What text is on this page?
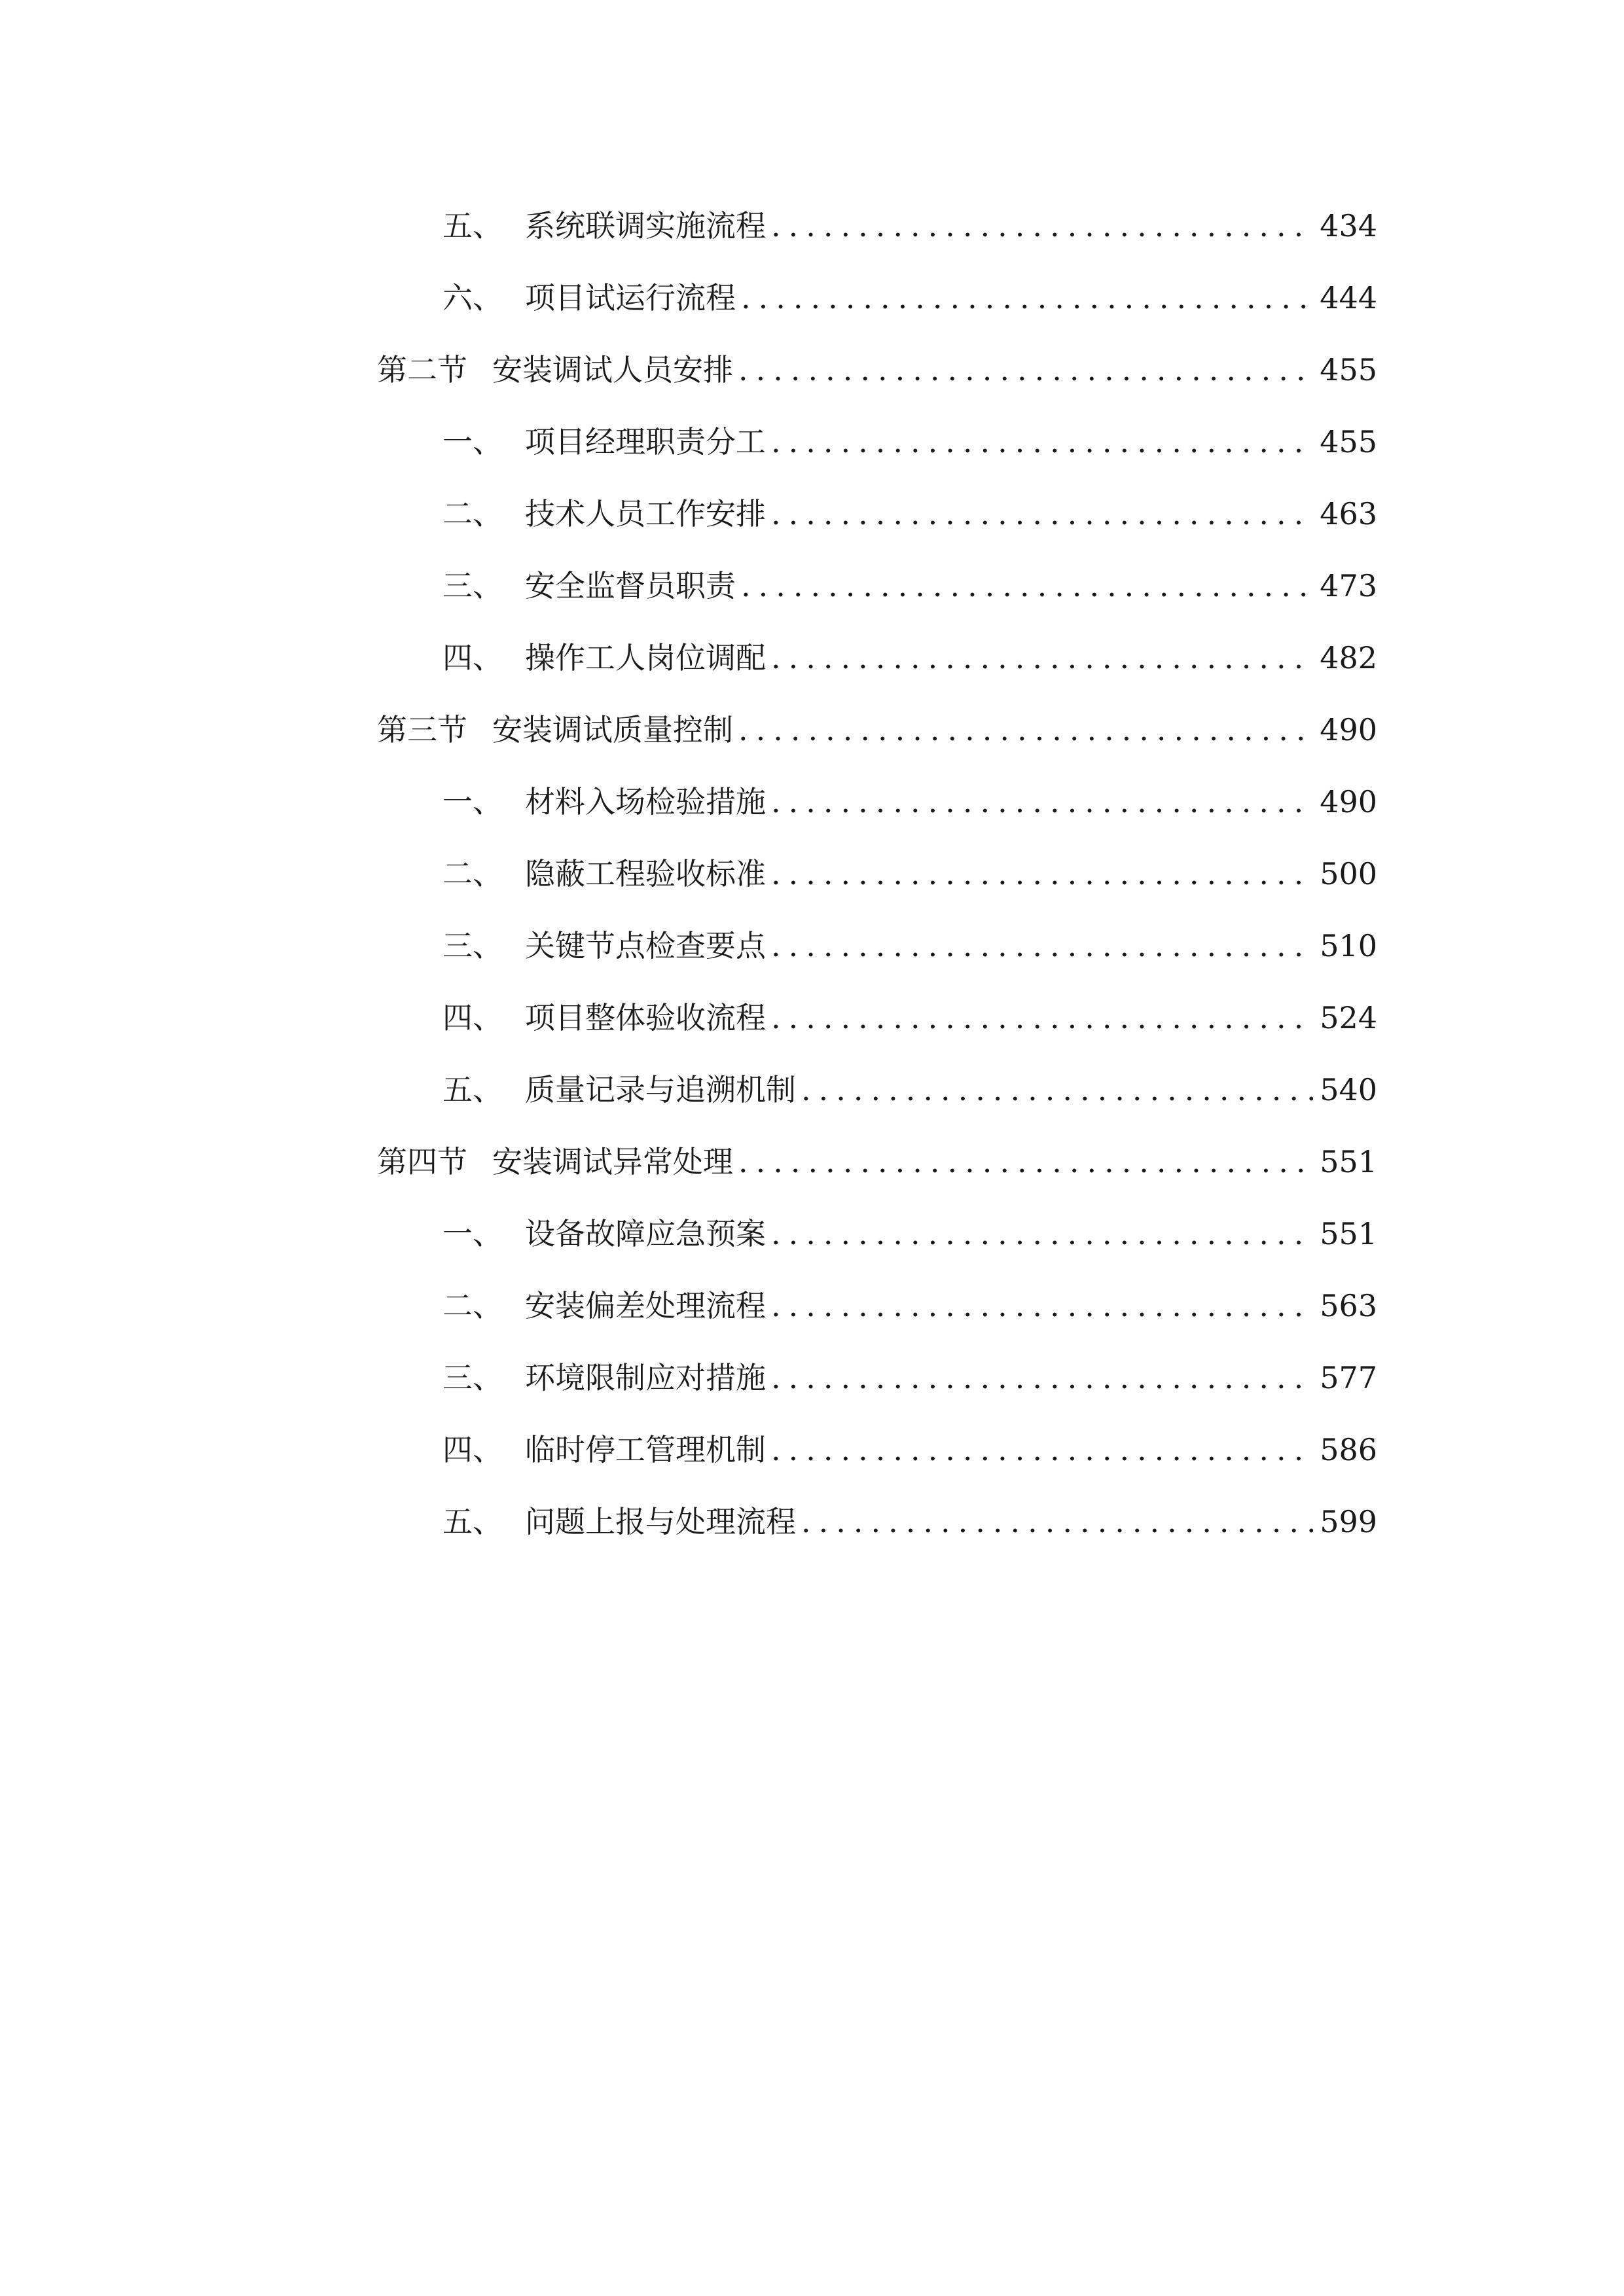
五、 系统联调实施流程 .....	434
六、 项目试运行流程 .....	444
第二节 安装调试人员安排 .....	455
一、 项目经理职责分工 .....	455
二、 技术人员工作安排 .....	463
三、 安全监督员职责 .....	473
四、 操作工人岗位调配 .....	482
第三节 安装调试质量控制 .....	490
一、 材料入场检验措施 .....	490
二、 隐蔽工程验收标准 .....	500
三、 关键节点检查要点 .....	510
四、 项目整体验收流程 .....	524
五、 质量记录与追溯机制 .....	540
第四节 安装调试异常处理 .....	551
一、 设备故障应急预案 .....	551
二、 安装偏差处理流程 .....	563
三、 环境限制应对措施 .....	577
四、 临时停工管理机制 .....	586
五、 问题上报与处理流程 .....	599
